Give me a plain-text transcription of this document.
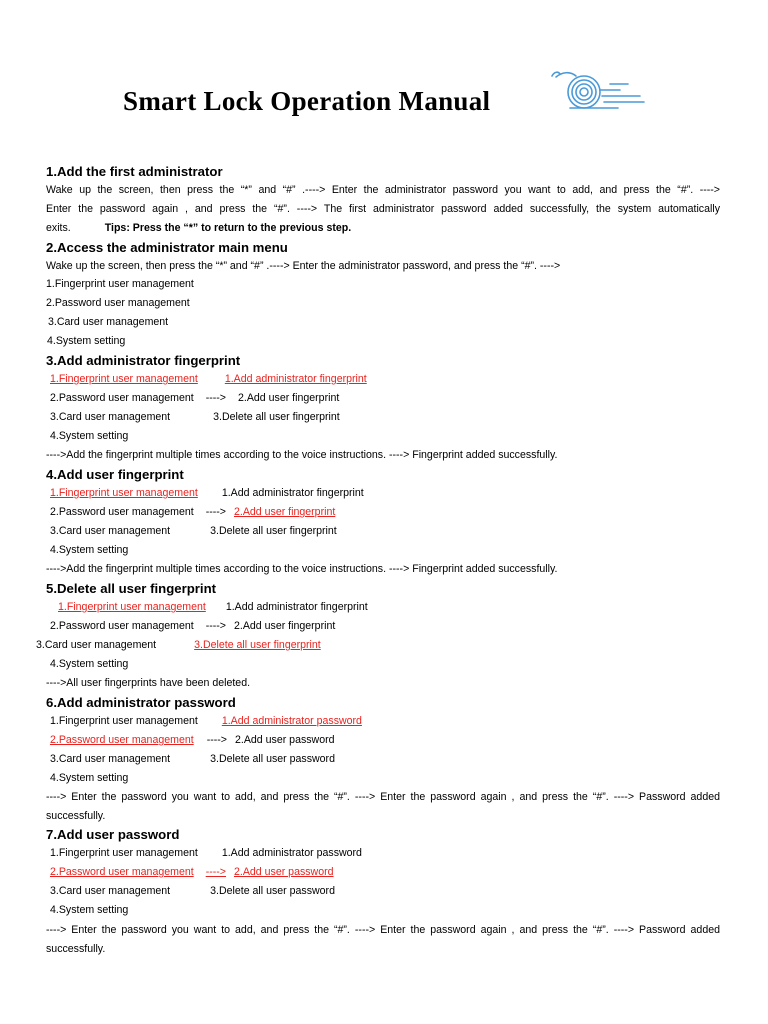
Smart Lock Operation Manual
1.Add the first administrator
Wake up the screen, then press the “*” and “#” .----> Enter the administrator password you want to add, and press the “#”. ---->
Enter the password again , and press the “#”. ----> The first administrator password added successfully, the system automatically
exits.	Tips: Press the “*” to return to the previous step.
2.Access the administrator main menu
Wake up the screen, then press the “*” and “#” .----> Enter the administrator password, and press the “#”. ---->
1.Fingerprint user management
2.Password user management
3.Card user management
4.System setting
3.Add administrator fingerprint
1.Fingerprint user management	1.Add administrator fingerprint
2.Password user management ----> 2.Add user fingerprint
3.Card user management	3.Delete all user fingerprint
4.System setting
---->Add the fingerprint multiple times according to the voice instructions. ----> Fingerprint added successfully.
4.Add user fingerprint
1.Fingerprint user management 1.Add administrator fingerprint
2.Password user management ----> 2.Add user fingerprint
3.Card user management	3.Delete all user fingerprint
4.System setting
---->Add the fingerprint multiple times according to the voice instructions. ----> Fingerprint added successfully.
5.Delete all user fingerprint
1.Fingerprint user management 1.Add administrator fingerprint
2.Password user management ----> 2.Add user fingerprint
3.Card user management	3.Delete all user fingerprint
4.System setting
---->All user fingerprints have been deleted.
6.Add administrator password
1.Fingerprint user management 1.Add administrator password
2.Password user management ----> 2.Add user password
3.Card user management	3.Delete all user password
4.System setting
----> Enter the password you want to add, and press the “#”. ----> Enter the password again , and press the “#”. ----> Password added
successfully.
7.Add user password
1.Fingerprint user management 1.Add administrator password
2.Password user management ----> 2.Add user password
3.Card user management	3.Delete all user password
4.System setting
----> Enter the password you want to add, and press the “#”. ----> Enter the password again , and press the “#”. ----> Password added
successfully.
